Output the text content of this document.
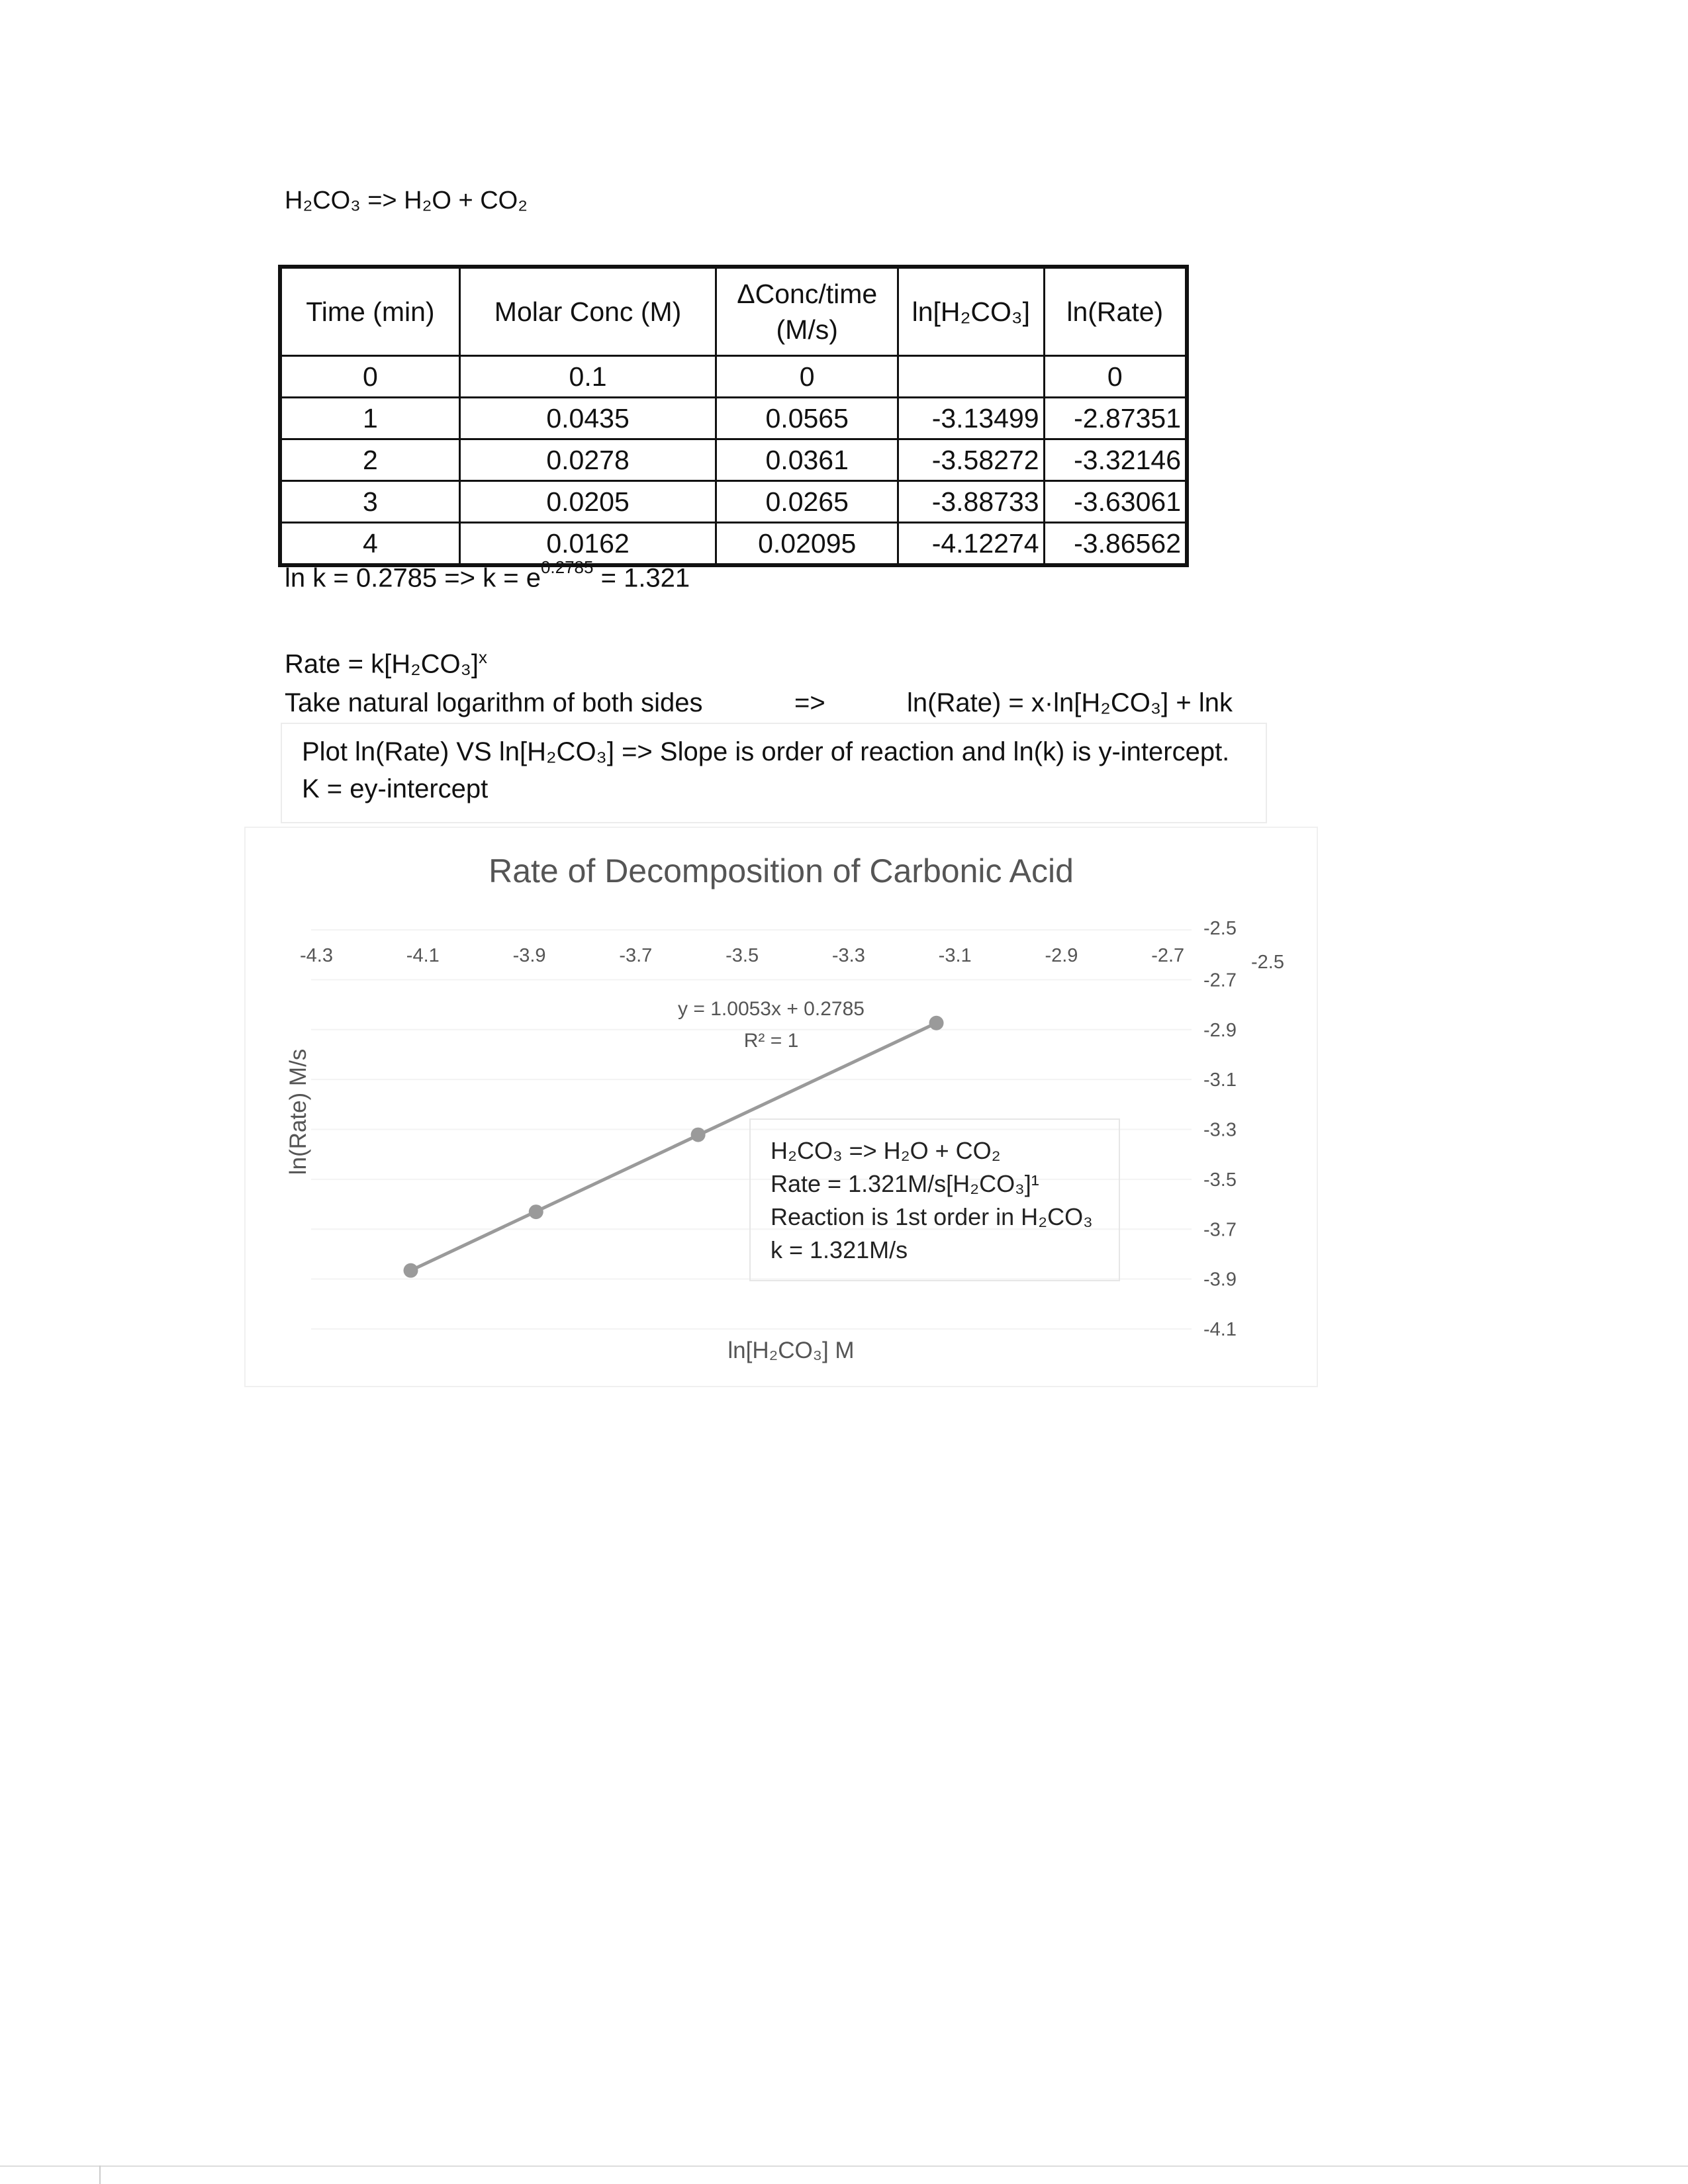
H₂CO₃ => H₂O + CO₂
Time (min)	Molar Conc (M)	ΔConc/time (M/s)	ln[H₂CO₃]	ln(Rate)
0	0.1	0		0
1	0.0435	0.0565	-3.13499	-2.87351
2	0.0278	0.0361	-3.58272	-3.32146
3	0.0205	0.0265	-3.88733	-3.63061
4	0.0162	0.02095	-4.12274	-3.86562
$\ln k = 0.2785 => k = e^{0.2785} = 1.321$
Rate = $k[H_2CO_3]^x$
Take natural logarithm of both sides	=>	ln(Rate) = x·ln[H₂CO₃] + lnk
Plot ln(Rate) VS ln[H₂CO₃] => Slope is order of reaction and ln(k) is y-intercept. K = ey-intercept
Rate of Decomposition of Carbonic Acid
-4.3	-4.1	-3.9	-3.7	-3.5	-3.3	-3.1	-2.9	-2.7
-2.5
-2.7
-2.9
-3.1
-3.3
-3.5
-3.7
-3.9
-4.1
-2.5
y = 1.0053x + 0.2785
R² = 1
ln[H₂CO₃] M
ln(Rate) M/s	H₂CO₃ => H₂O + CO₂
Rate = 1.321M/s[H₂CO₃]¹
Reaction is 1st order in H₂CO₃
k = 1.321M/s
